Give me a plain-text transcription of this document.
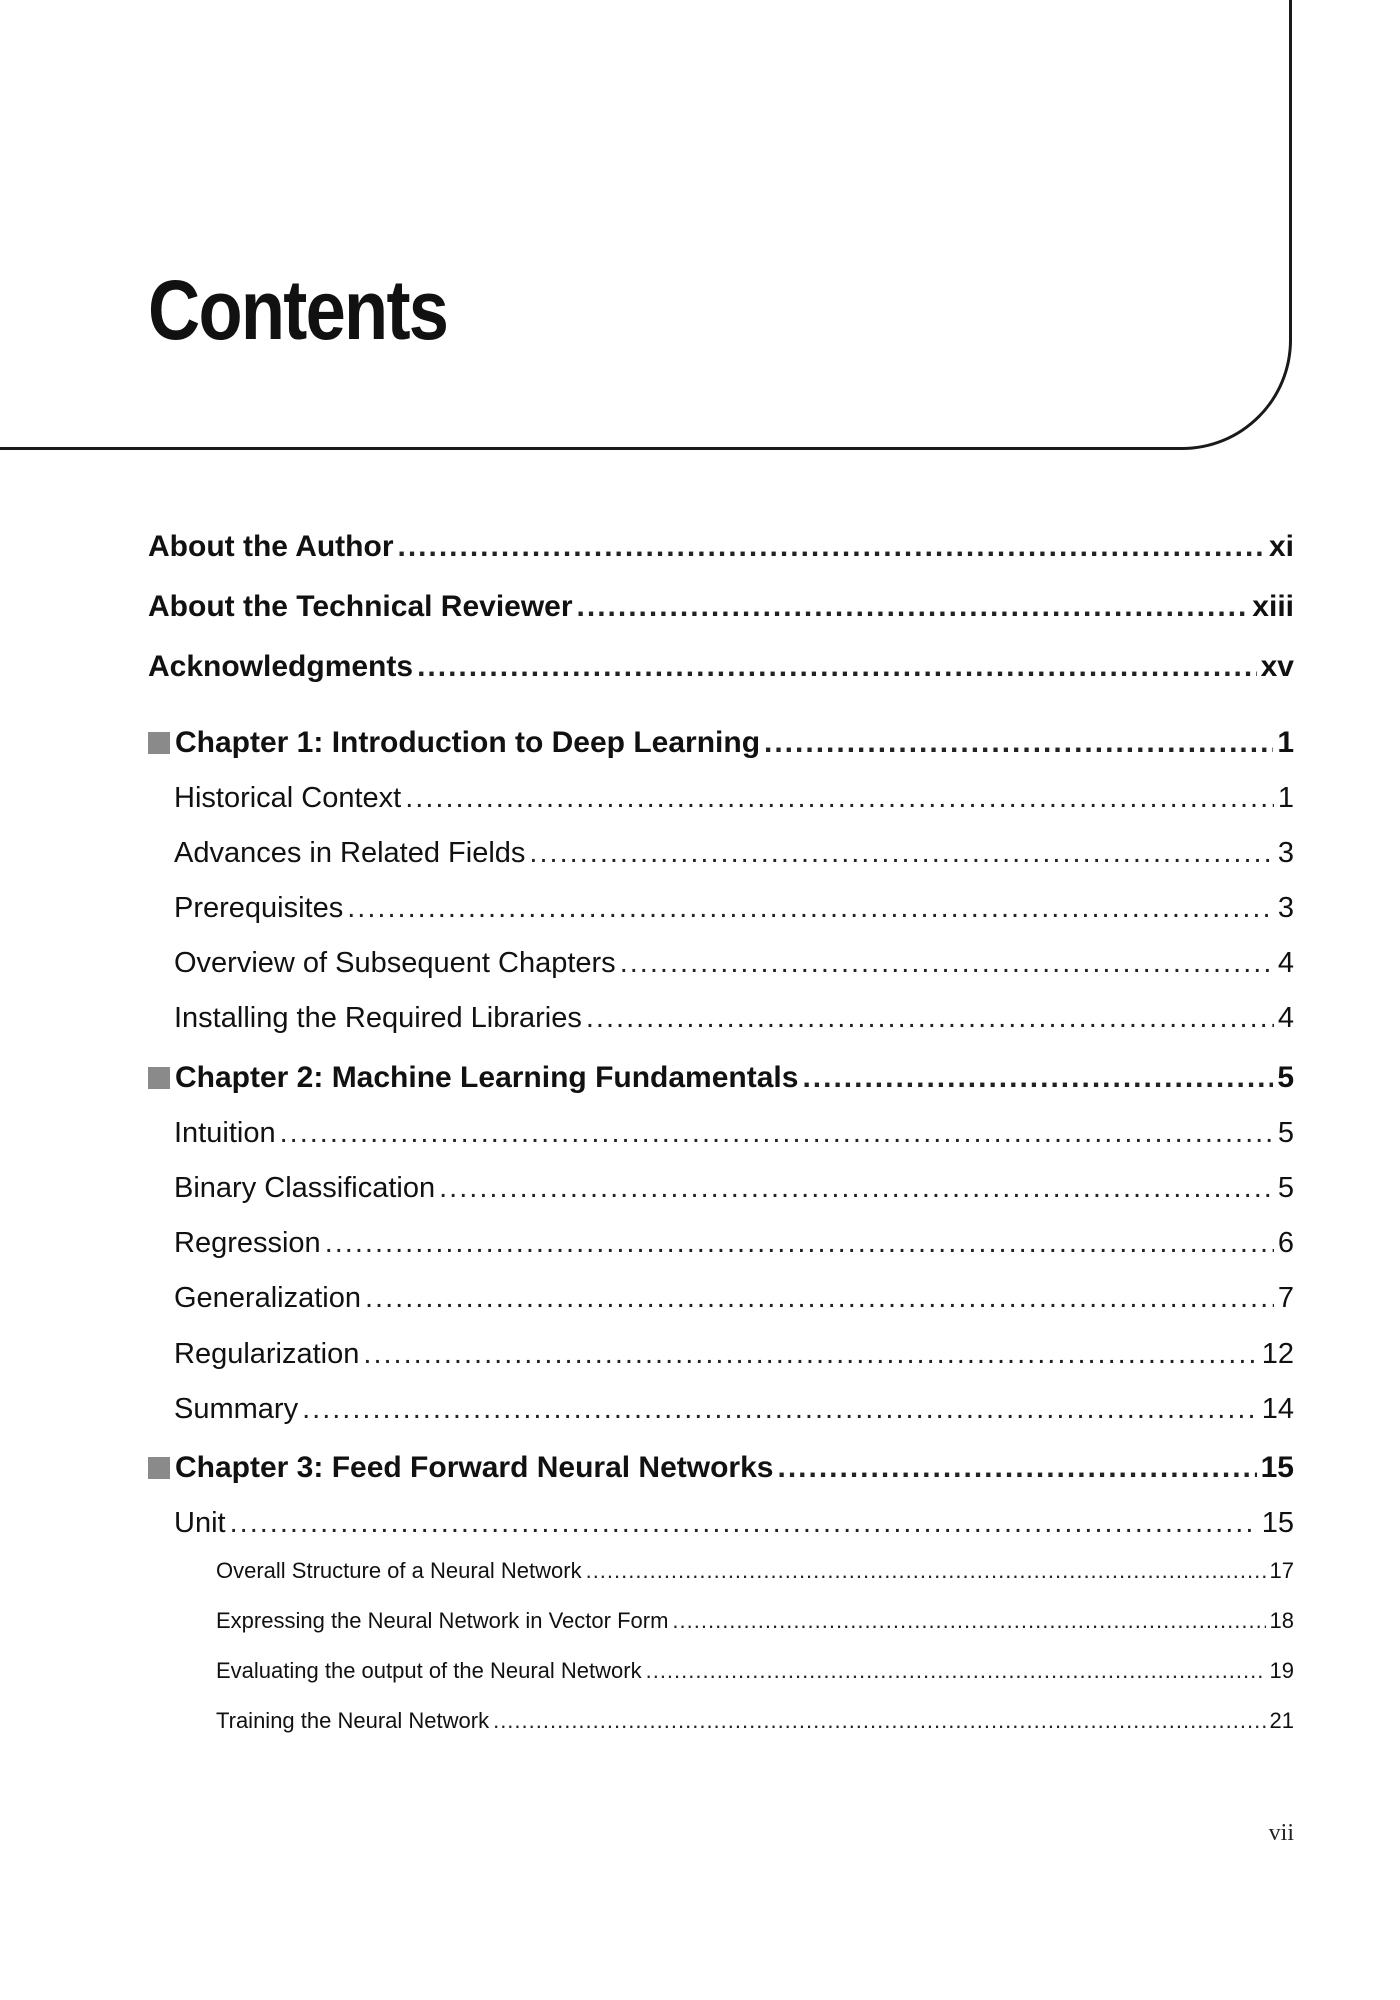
Contents
About the Author .....	xi
About the Technical Reviewer .....	xiii
Acknowledgments .....	xv
Chapter 1: Introduction to Deep Learning .....	1
Historical Context .....	1
Advances in Related Fields .....	3
Prerequisites .....	3
Overview of Subsequent Chapters .....	4
Installing the Required Libraries .....	4
Chapter 2: Machine Learning Fundamentals .....	5
Intuition .....	5
Binary Classification .....	5
Regression .....	6
Generalization .....	7
Regularization .....	12
Summary .....	14
Chapter 3: Feed Forward Neural Networks .....	15
Unit .....	15
Overall Structure of a Neural Network .....	17
Expressing the Neural Network in Vector Form .....	18
Evaluating the output of the Neural Network .....	19
Training the Neural Network .....	21
vii
